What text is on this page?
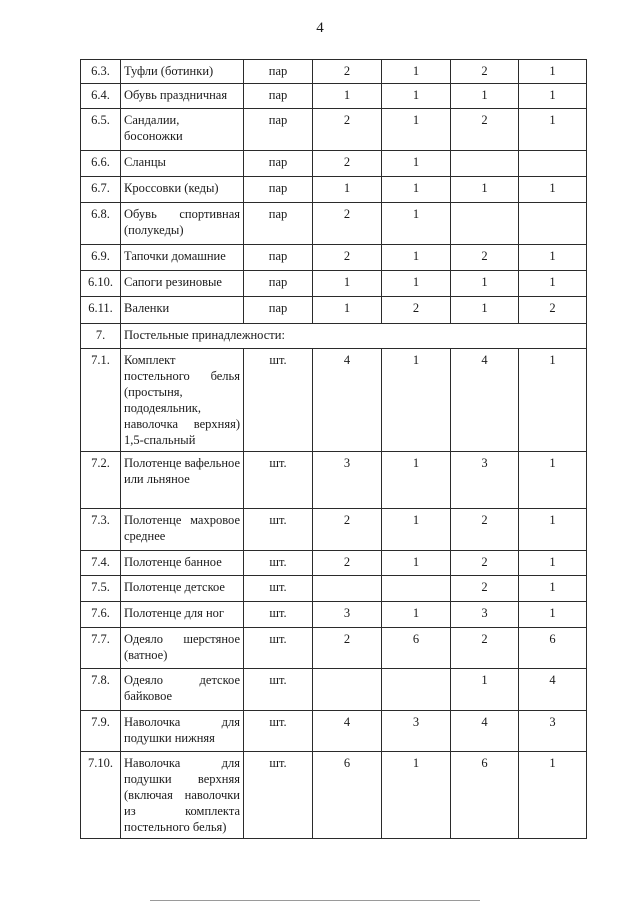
4
6.3.	Туфли (ботинки)	пар	2	1	2	1
6.4.	Обувь праздничная	пар	1	1	1	1
6.5.	Сандалии, босоножки	пар	2	1	2	1
6.6.	Сланцы	пар	2	1		
6.7.	Кроссовки (кеды)	пар	1	1	1	1
6.8.	Обувь спортивная (полукеды)	пар	2	1		
6.9.	Тапочки домашние	пар	2	1	2	1
6.10.	Сапоги резиновые	пар	1	1	1	1
6.11.	Валенки	пар	1	2	1	2
7.	Постельные принадлежности:					
7.1.	Комплект постельного белья (простыня, пододеяльник, наволочка верхняя) 1,5-спальный	шт.	4	1	4	1
7.2.	Полотенце вафельное или льняное	шт.	3	1	3	1
7.3.	Полотенце махровое среднее	шт.	2	1	2	1
7.4.	Полотенце банное	шт.	2	1	2	1
7.5.	Полотенце детское	шт.			2	1
7.6.	Полотенце для ног	шт.	3	1	3	1
7.7.	Одеяло шерстяное (ватное)	шт.	2	6	2	6
7.8.	Одеяло детское байковое	шт.			1	4
7.9.	Наволочка для подушки нижняя	шт.	4	3	4	3
7.10.	Наволочка для подушки верхняя (включая наволочки из комплекта постельного белья)	шт.	6	1	6	1
